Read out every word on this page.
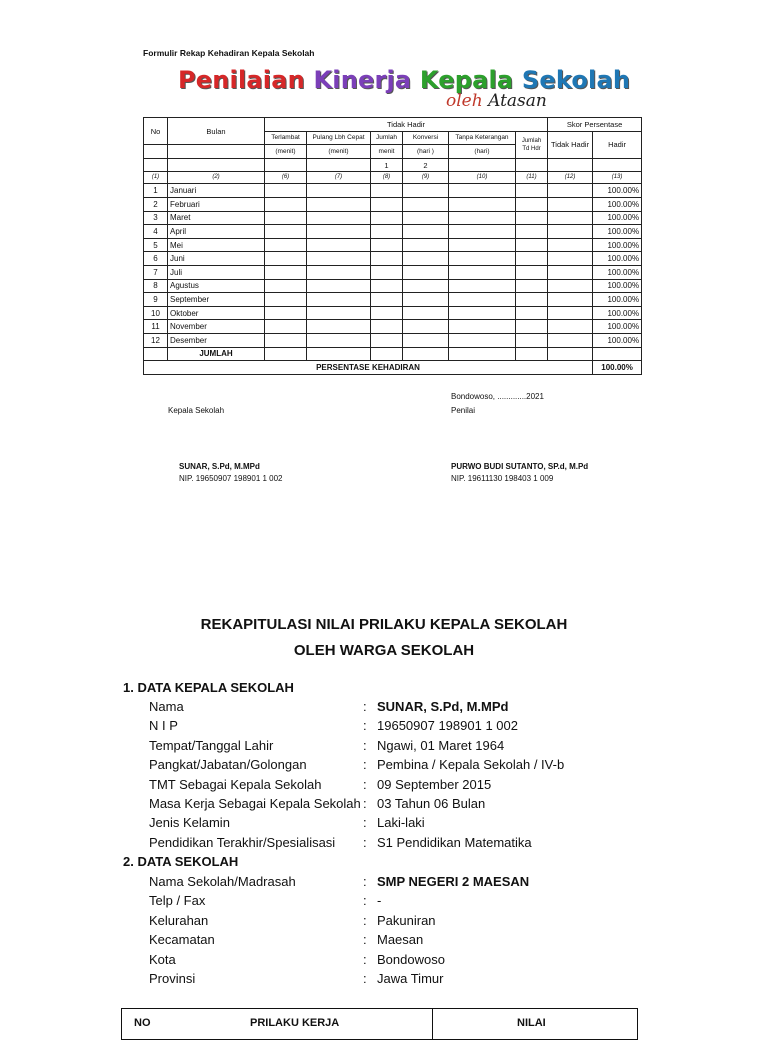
Formulir Rekap Kehadiran Kepala Sekolah
Penilaian Kinerja Kepala Sekolah
oleh Atasan
No	Bulan	Tidak Hadir						Skor Persentase	
		Terlambat	Pulang Lbh Cepat	Jumlah	Konversi	Tanpa Keterangan	Jumlah Td Hdr	Tidak Hadir	Hadir
		(menit)	(menit)	menit	(hari )	(hari)			
				1	2				
(1)	(2)	(6)	(7)	(8)	(9)	(10)	(11)	(12)	(13)
1	Januari								100.00%
2	Februari								100.00%
3	Maret								100.00%
4	April								100.00%
5	Mei								100.00%
6	Juni								100.00%
7	Juli								100.00%
8	Agustus								100.00%
9	September								100.00%
10	Oktober								100.00%
11	November								100.00%
12	Desember								100.00%
	JUMLAH								
PERSENTASE KEHADIRAN									100.00%
Bondowoso, .............2021
Kepala Sekolah	Penilai
SUNAR, S.Pd, M.MPd
NIP. 19650907 198901 1 002
PURWO BUDI SUTANTO, SP.d, M.Pd
NIP. 19611130 198403 1 009
REKAPITULASI NILAI PRILAKU KEPALA SEKOLAH
OLEH WARGA SEKOLAH
1. DATA KEPALA SEKOLAH
Nama	: SUNAR, S.Pd, M.MPd
N I P	: 19650907 198901 1 002
Tempat/Tanggal Lahir	: Ngawi, 01 Maret 1964
Pangkat/Jabatan/Golongan	: Pembina / Kepala Sekolah / IV-b
TMT Sebagai Kepala Sekolah	: 09 September 2015
Masa Kerja Sebagai Kepala Sekolah : 03 Tahun 06 Bulan
Jenis Kelamin	: Laki-laki
Pendidikan Terakhir/Spesialisasi : S1 Pendidikan Matematika
2. DATA SEKOLAH
Nama Sekolah/Madrasah	: SMP NEGERI 2 MAESAN
Telp / Fax	: -
Kelurahan	: Pakuniran
Kecamatan	: Maesan
Kota	: Bondowoso
Provinsi	: Jawa Timur
NO	PRILAKU KERJA	NILAI
